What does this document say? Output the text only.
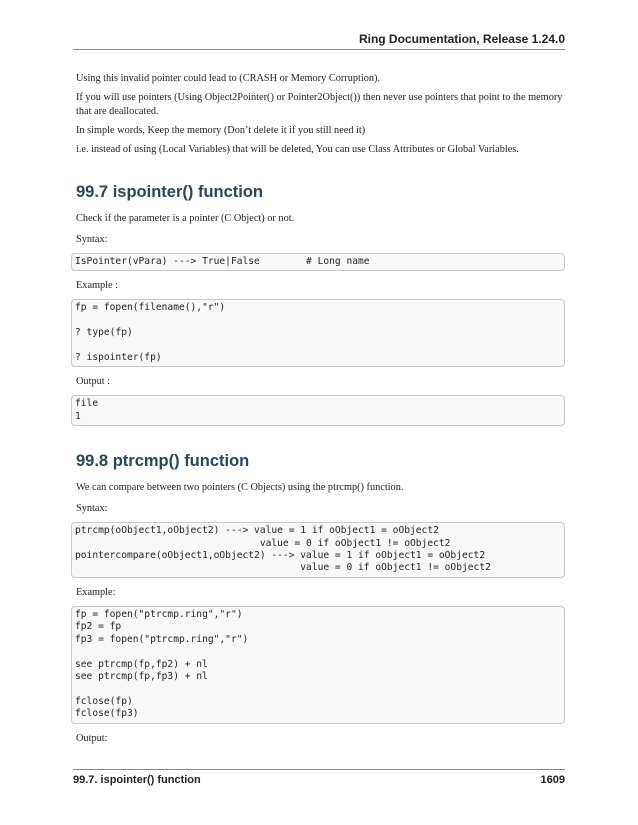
Ring Documentation, Release 1.24.0

Using this invalid pointer could lead to (CRASH or Memory Corruption).

If you will use pointers (Using Object2Pointer() or Pointer2Object()) then never use pointers that point to the memory that are deallocated.

In simple words, Keep the memory (Don’t delete it if you still need it)

i.e. instead of using (Local Variables) that will be deleted, You can use Class Attributes or Global Variables.

99.7 ispointer() function

Check if the parameter is a pointer (C Object) or not.

Syntax:

IsPointer(vPara) ---> True|False        # Long name

Example :

fp = fopen(filename(),"r")

? type(fp)

? ispointer(fp)

Output :

file
1
99.8 ptrcmp() function

We can compare between two pointers (C Objects) using the ptrcmp() function.

Syntax:

ptrcmp(oObject1,oObject2) ---> value = 1 if oObject1 = oObject2
value = 0 if oObject1 != oObject2
pointercompare(oObject1,oObject2) ---> value = 1 if oObject1 = oObject2
value = 0 if oObject1 != oObject2

Example:

fp = fopen("ptrcmp.ring","r")
fp2 = fp
fp3 = fopen("ptrcmp.ring","r")

see ptrcmp(fp,fp2) + nl
see ptrcmp(fp,fp3) + nl

fclose(fp)
fclose(fp3)

Output:

99.7. ispointer() function	1609
